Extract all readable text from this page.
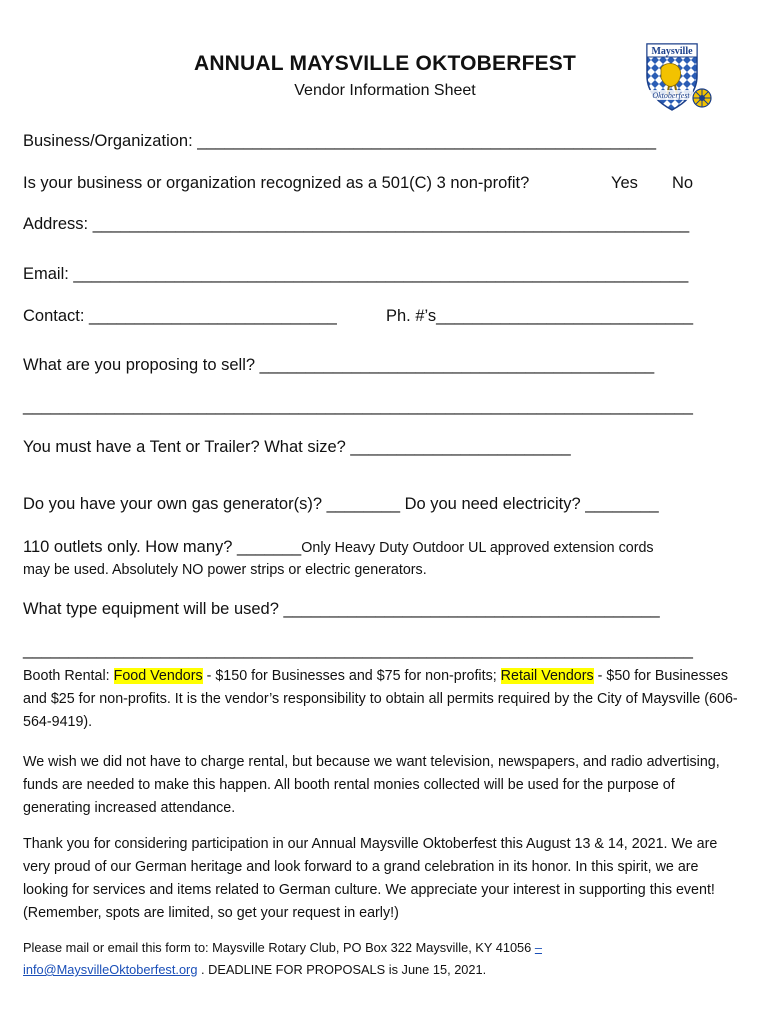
Maysville
Oktoberfest
ANNUAL MAYSVILLE OKTOBERFEST
Vendor Information Sheet
Business/Organization: __________________________________________________
Is your business or organization recognized as a 501(C) 3 non-profit?	Yes No
Address: _________________________________________________________________
Email: ___________________________________________________________________
Contact: ___________________________	Ph. #’s____________________________
What are you proposing to sell? ___________________________________________
_________________________________________________________________________
You must have a Tent or Trailer? What size? ________________________
Do you have your own gas generator(s)? ________ Do you need electricity? ________
110 outlets only. How many? _______Only Heavy Duty Outdoor UL approved extension cords
may be used. Absolutely NO power strips or electric generators.
What type equipment will be used? _________________________________________
_________________________________________________________________________
Booth Rental: Food Vendors - $150 for Businesses and $75 for non-profits; Retail Vendors - $50 for Businesses and $25 for non-profits. It is the vendor’s responsibility to obtain all permits required by the City of Maysville (606-564-9419).
We wish we did not have to charge rental, but because we want television, newspapers, and radio advertising, funds are needed to make this happen. All booth rental monies collected will be used for the purpose of generating increased attendance.
Thank you for considering participation in our Annual Maysville Oktoberfest this August 13 & 14, 2021. We are very proud of our German heritage and look forward to a grand celebration in its honor. In this spirit, we are looking for services and items related to German culture. We appreciate your interest in supporting this event! (Remember, spots are limited, so get your request in early!)
Please mail or email this form to: Maysville Rotary Club, PO Box 322 Maysville, KY 41056 –
info@MaysvilleOktoberfest.org . DEADLINE FOR PROPOSALS is June 15, 2021.
